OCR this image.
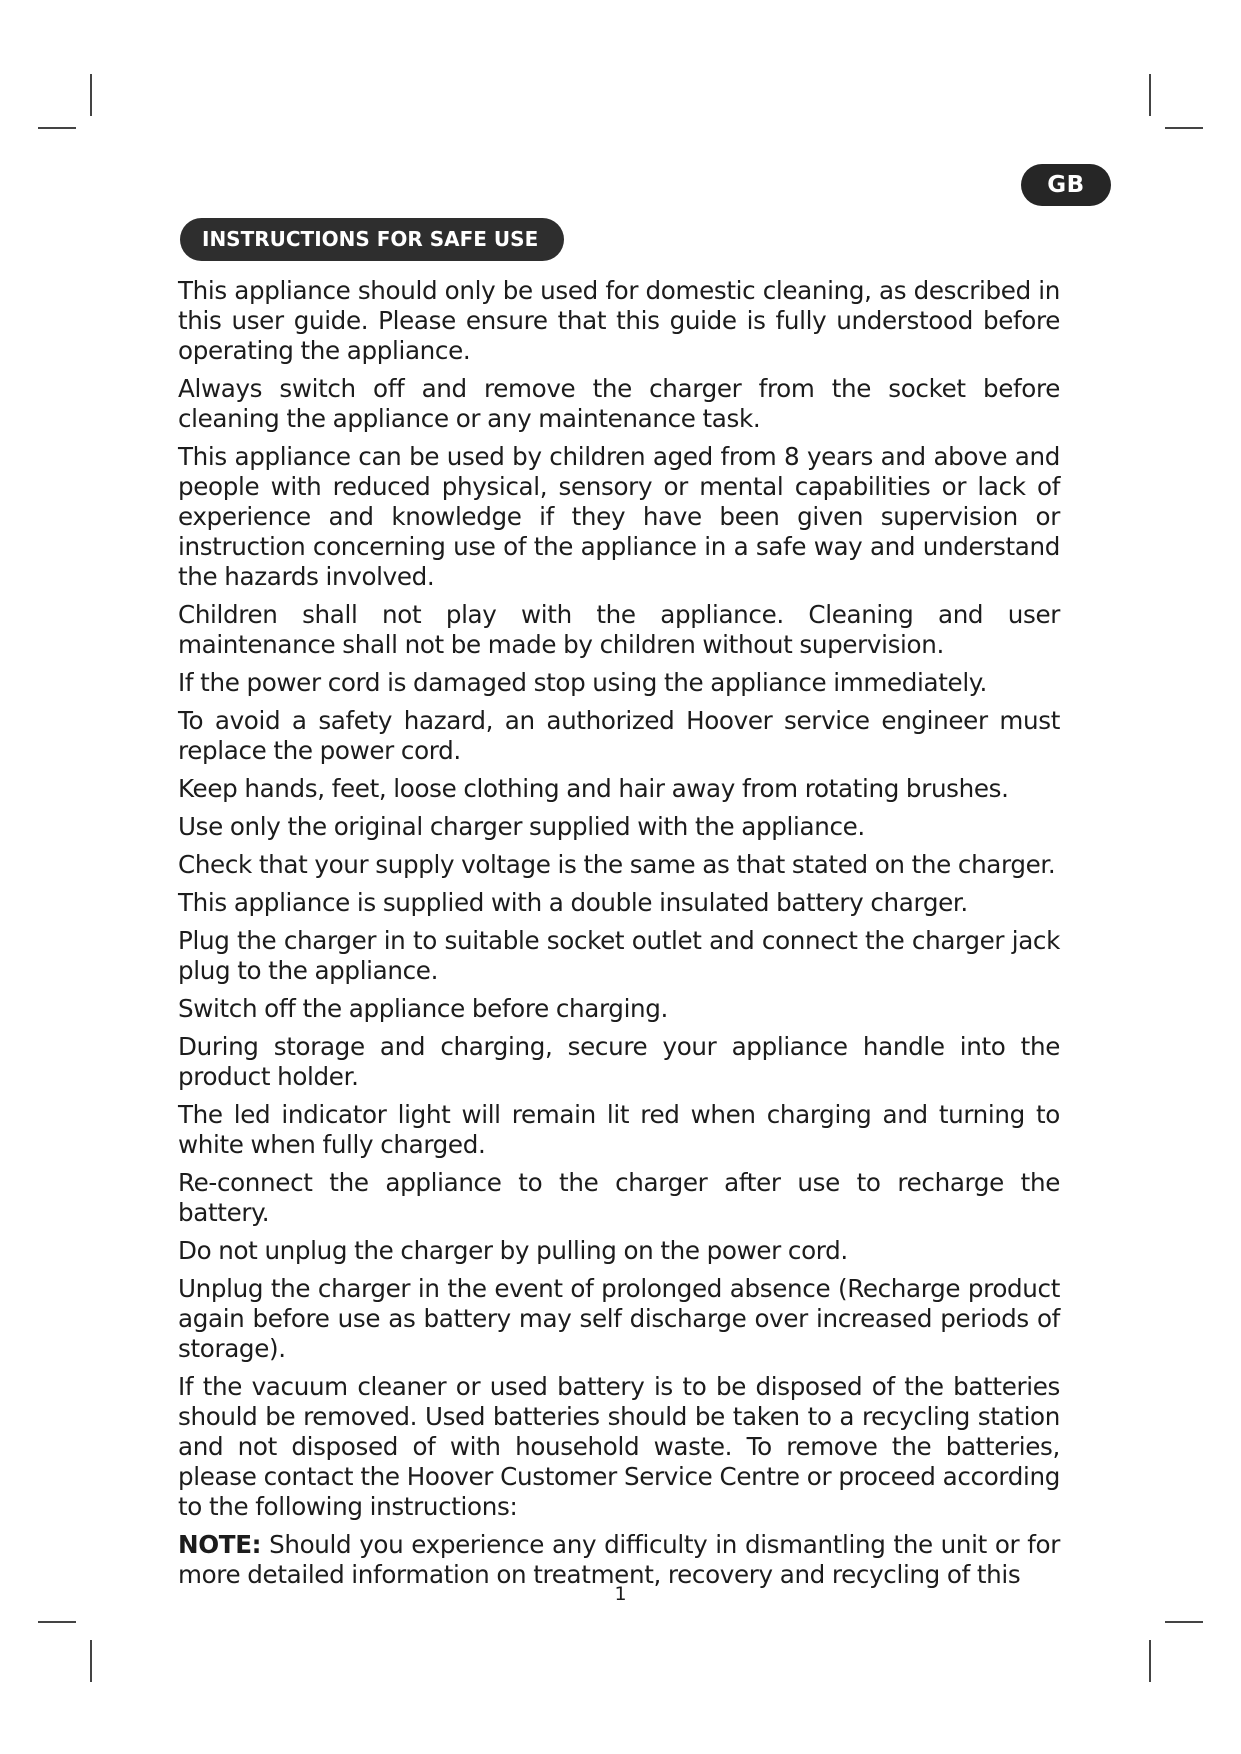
GB
INSTRUCTIONS FOR SAFE USE

This appliance should only be used for domestic cleaning, as described in this user guide. Please ensure that this guide is fully understood before operating the appliance.

Always switch off and remove the charger from the socket before cleaning the appliance or any maintenance task.

This appliance can be used by children aged from 8 years and above and people with reduced physical, sensory or mental capabilities or lack of experience and knowledge if they have been given supervision or instruction concerning use of the appliance in a safe way and understand the hazards involved.

Children shall not play with the appliance. Cleaning and user maintenance shall not be made by children without supervision.

If the power cord is damaged stop using the appliance immediately.

To avoid a safety hazard, an authorized Hoover service engineer must replace the power cord.

Keep hands, feet, loose clothing and hair away from rotating brushes.

Use only the original charger supplied with the appliance.

Check that your supply voltage is the same as that stated on the charger.

This appliance is supplied with a double insulated battery charger.

Plug the charger in to suitable socket outlet and connect the charger jack plug to the appliance.

Switch off the appliance before charging.

During storage and charging, secure your appliance handle into the product holder.

The led indicator light will remain lit red when charging and turning to white when fully charged.

Re-connect the appliance to the charger after use to recharge the battery.

Do not unplug the charger by pulling on the power cord.

Unplug the charger in the event of prolonged absence (Recharge product again before use as battery may self discharge over increased periods of storage).

If the vacuum cleaner or used battery is to be disposed of the batteries should be removed. Used batteries should be taken to a recycling station and not disposed of with household waste. To remove the batteries, please contact the Hoover Customer Service Centre or proceed according to the following instructions:

NOTE: Should you experience any difficulty in dismantling the unit or for more detailed information on treatment, recovery and recycling of this

1
